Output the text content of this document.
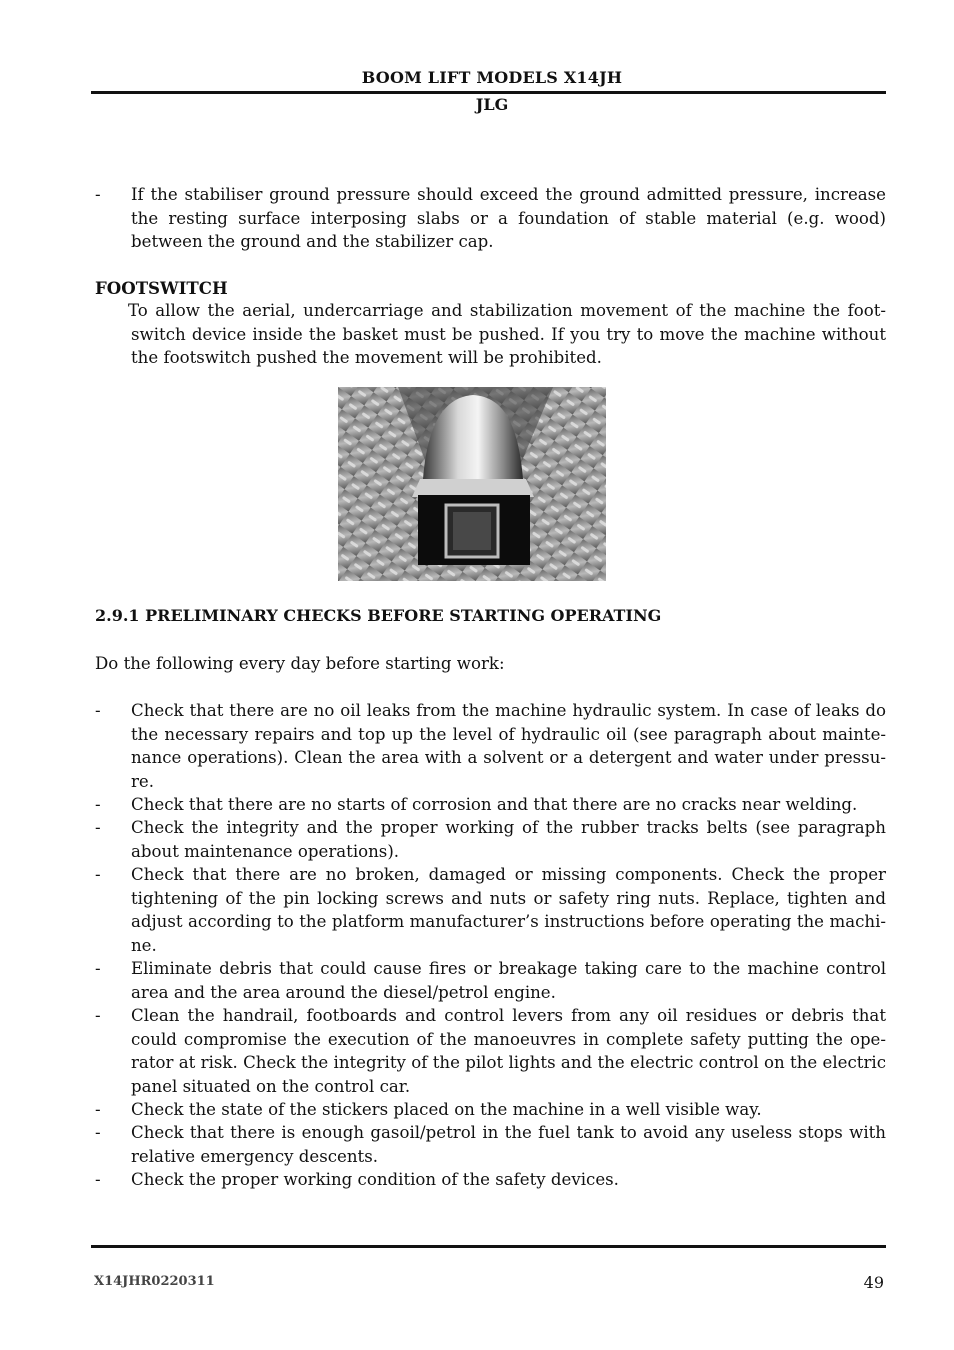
BOOM LIFT MODELS X14JH
JLG
- If the stabiliser ground pressure should exceed the ground admitted pressure, increase the resting surface interposing slabs or a foundation of stable material (e.g. wood) between the ground and the stabilizer cap.
FOOTSWITCH
To allow the aerial, undercarriage and stabilization movement of the machine the foot-switch device inside the basket must be pushed. If you try to move the machine without the footswitch pushed the movement will be prohibited.
2.9.1 PRELIMINARY CHECKS BEFORE STARTING OPERATING
Do the following every day before starting work:
- Check that there are no oil leaks from the machine hydraulic system. In case of leaks do the necessary repairs and top up the level of hydraulic oil (see paragraph about mainte-nance operations). Clean the area with a solvent or a detergent and water under pressu-re.
- Check that there are no starts of corrosion and that there are no cracks near welding.
- Check the integrity and the proper working of the rubber tracks belts (see paragraph about maintenance operations).
- Check that there are no broken, damaged or missing components. Check the proper tightening of the pin locking screws and nuts or safety ring nuts. Replace, tighten and adjust according to the platform manufacturer’s instructions before operating the machi-ne.
- Eliminate debris that could cause fires or breakage taking care to the machine control area and the area around the diesel/petrol engine.
- Clean the handrail, footboards and control levers from any oil residues or debris that could compromise the execution of the manoeuvres in complete safety putting the ope-rator at risk. Check the integrity of the pilot lights and the electric control on the electric panel situated on the control car.
- Check the state of the stickers placed on the machine in a well visible way.
- Check that there is enough gasoil/petrol in the fuel tank to avoid any useless stops with relative emergency descents.
- Check the proper working condition of the safety devices.
X14JHR0220311	49
